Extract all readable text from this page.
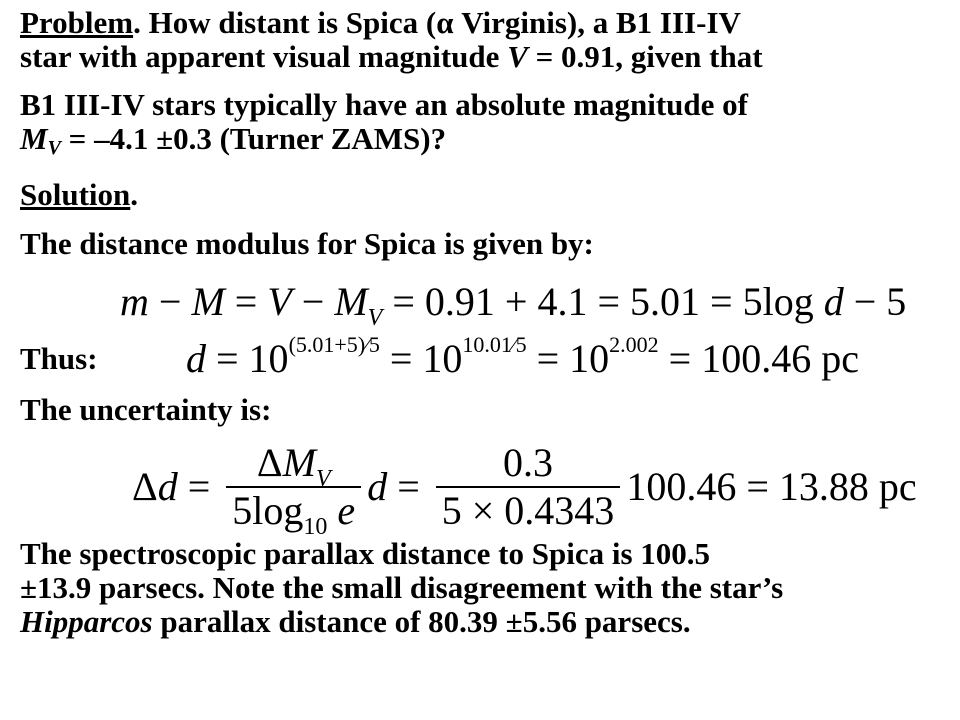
Problem. How distant is Spica (α Virginis), a B1 III-IV
star with apparent visual magnitude V = 0.91, given that
B1 III-IV stars typically have an absolute magnitude of
$M_V = -4.1 \pm 0.3$ (Turner ZAMS)?
Solution.
The distance modulus for Spica is given by:
$m - M = V - M_V = 0.91 + 4.1 = 5.01 = 5\log$ d − 5
Thus:	d = 10(5.01+5)⁄5 = 1010.01⁄5 = 102.002 = 100.46 pc
The uncertainty is:
Δ $d = \frac{\Delta M_V}{5\log_{10} e}$ $d = \frac{0.3}{5 \times 0.4343} 100.46 = 13.88$ pc
The spectroscopic parallax distance to Spica is 100.5
±13.9 parsecs. Note the small disagreement with the star’s
Hipparcos parallax distance of 80.39 ±5.56 parsecs.
